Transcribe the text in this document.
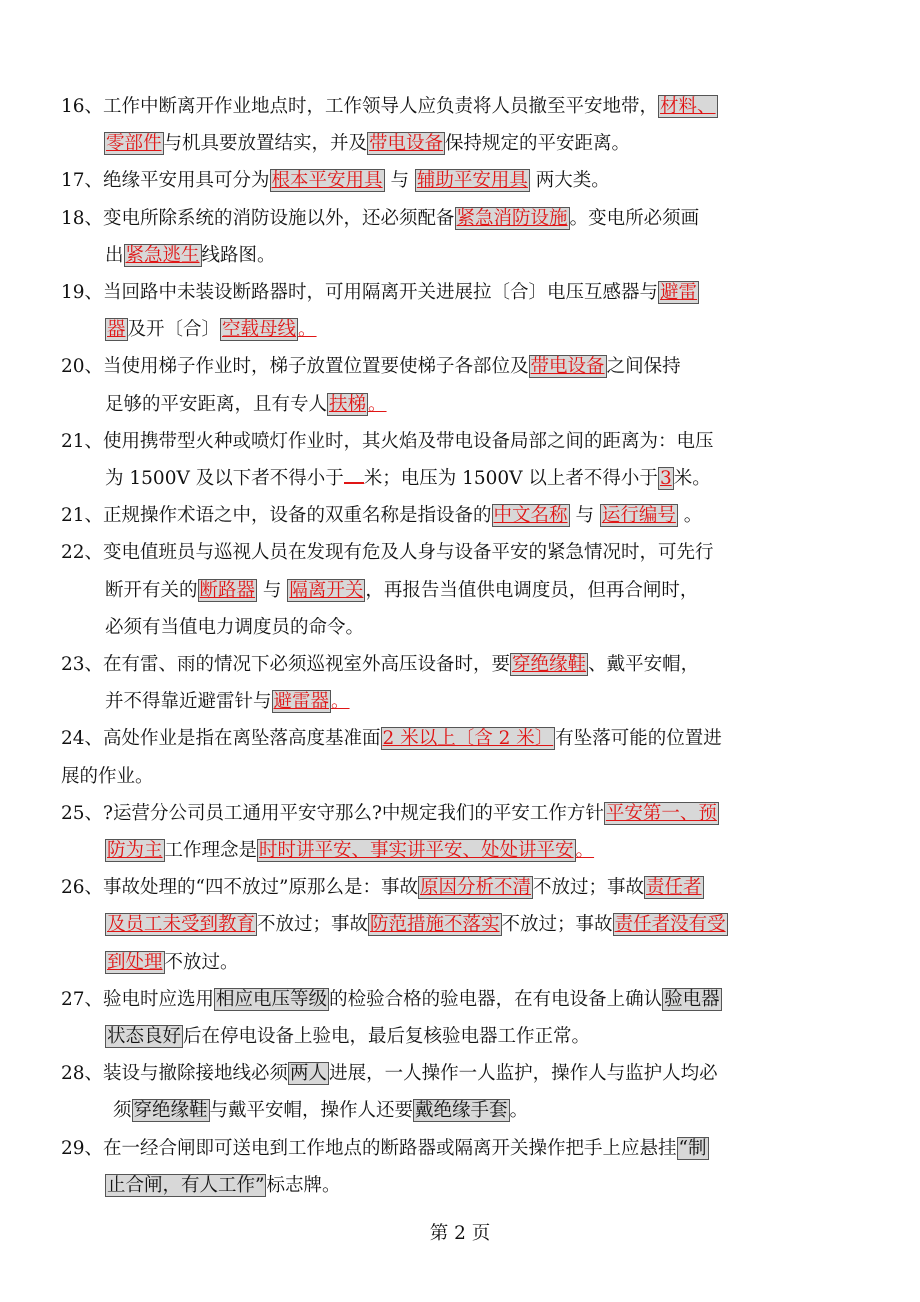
16、工作中断离开作业地点时，工作领导人应负责将人员撤至平安地带， 材料、

零部件 与机具要放置结实，并及 带电设备 保持规定的平安距离。

17、绝缘平安用具可分为 根本平安用具 与 辅助平安用具 两大类。

18、变电所除系统的消防设施以外，还必须配备 紧急消防设施 。变电所必须画

出 紧急逃生 线路图。

19、当回路中未装设断路器时，可用隔离开关进展拉〔合〕电压互感器与 避雷

器 及开〔合〕 空载母线 。

20、当使用梯子作业时，梯子放置位置要使梯子各部位及 带电设备 之间保持

足够的平安距离，且有专人 扶梯 。

21、使用携带型火种或喷灯作业时，其火焰及带电设备局部之间的距离为：电压

为 1500V 及以下者不得小于 米；电压为 1500V 以上者不得小于 3 米。

21、正规操作术语之中，设备的双重名称是指设备的 中文名称 与 运行编号 。

22、变电值班员与巡视人员在发现有危及人身与设备平安的紧急情况时，可先行

断开有关的 断路器 与 隔离开关 ，再报告当值供电调度员，但再合闸时，

必须有当值电力调度员的命令。

23、在有雷、雨的情况下必须巡视室外高压设备时，要 穿绝缘鞋 、戴平安帽，

并不得靠近避雷针与 避雷器 。

24、高处作业是指在离坠落高度基准面 2 米以上〔含 2 米〕 有坠落可能的位置进

展的作业。

25、?运营分公司员工通用平安守那么?中规定我们的平安工作方针 平安第一、预

防为主 工作理念是 时时讲平安、事实讲平安、处处讲平安 。

26、事故处理的“四不放过”原那么是：事故 原因分析不清 不放过；事故 责任者

及员工未受到教育 不放过；事故 防范措施不落实 不放过；事故 责任者没有受

到处理 不放过。

27、验电时应选用 相应电压等级 的检验合格的验电器，在有电设备上确认 验电器

状态良好 后在停电设备上验电，最后复核验电器工作正常。

28、装设与撤除接地线必须 两人 进展，一人操作一人监护，操作人与监护人均必

须 穿绝缘鞋 与戴平安帽，操作人还要 戴绝缘手套 。

29、在一经合闸即可送电到工作地点的断路器或隔离开关操作把手上应悬挂 “制

止合闸，有人工作” 标志牌。

第 2 页
